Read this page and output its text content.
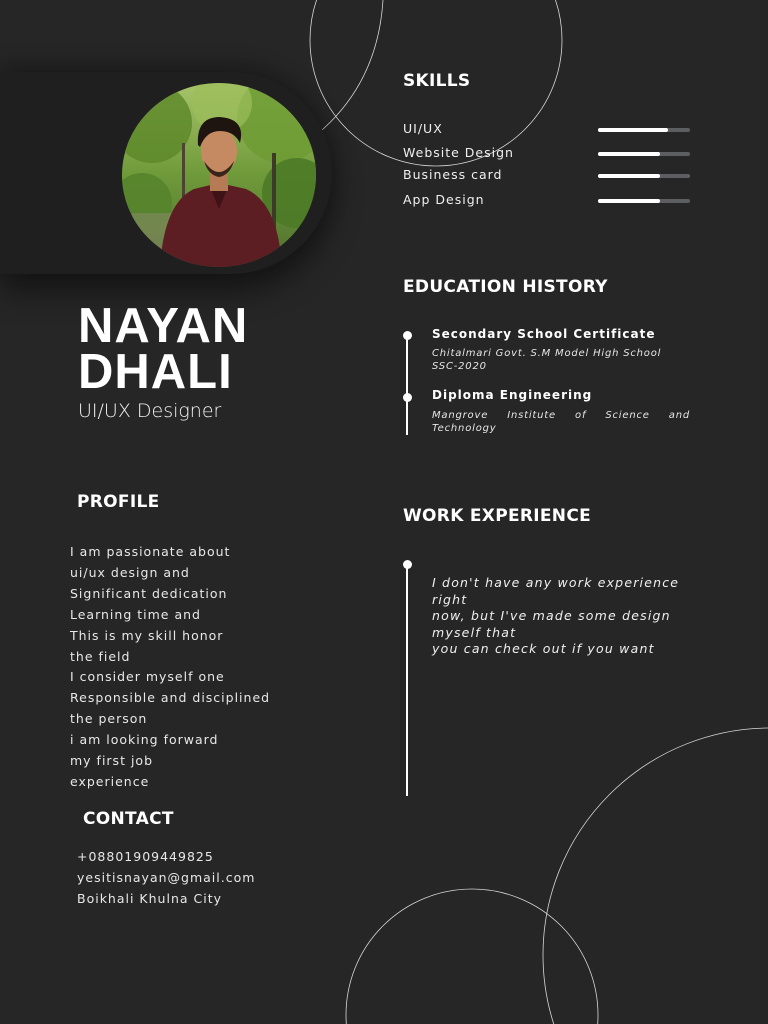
NAYAN
DHALI
UI/UX Designer
PROFILE
I am passionate about
ui/ux design and
Significant dedication
Learning time and
This is my skill honor
the field
I consider myself one
Responsible and disciplined
the person
i am looking forward
my first job
experience
CONTACT
+08801909449825
yesitisnayan@gmail.com
Boikhali Khulna City
SKILLS
UI/UX
Website Design
Business card
App Design
EDUCATION HISTORY
Secondary School Certificate
Chitalmari Govt. S.M Model High School
SSC-2020
Diploma Engineering
Mangrove Institute of Science and Technology
WORK EXPERIENCE
I don't have any work experience right
now, but I've made some design myself that
you can check out if you want
